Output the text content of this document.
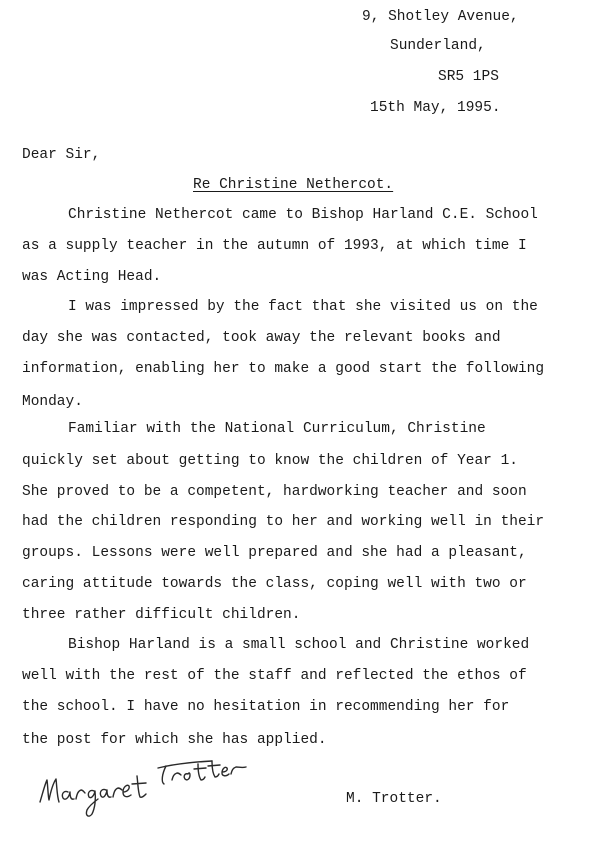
9, Shotley Avenue,
Sunderland,
SR5 1PS
15th May, 1995.
Dear Sir,
Re Christine Nethercot.
Christine Nethercot came to Bishop Harland C.E. School
as a supply teacher in the autumn of 1993, at which time I
was Acting Head.
I was impressed by the fact that she visited us on the
day she was contacted, took away the relevant books and
information, enabling her to make a good start the following
Monday.
Familiar with the National Curriculum, Christine
quickly set about getting to know the children of Year 1.
She proved to be a competent, hardworking teacher and soon
had the children responding to her and working well in their
groups. Lessons were well prepared and she had a pleasant,
caring attitude towards the class, coping well with two or
three rather difficult children.
Bishop Harland is a small school and Christine worked
well with the rest of the staff and reflected the ethos of
the school. I have no hesitation in recommending her for
the post for which she has applied.
Margaret Trotter
M. Trotter.
